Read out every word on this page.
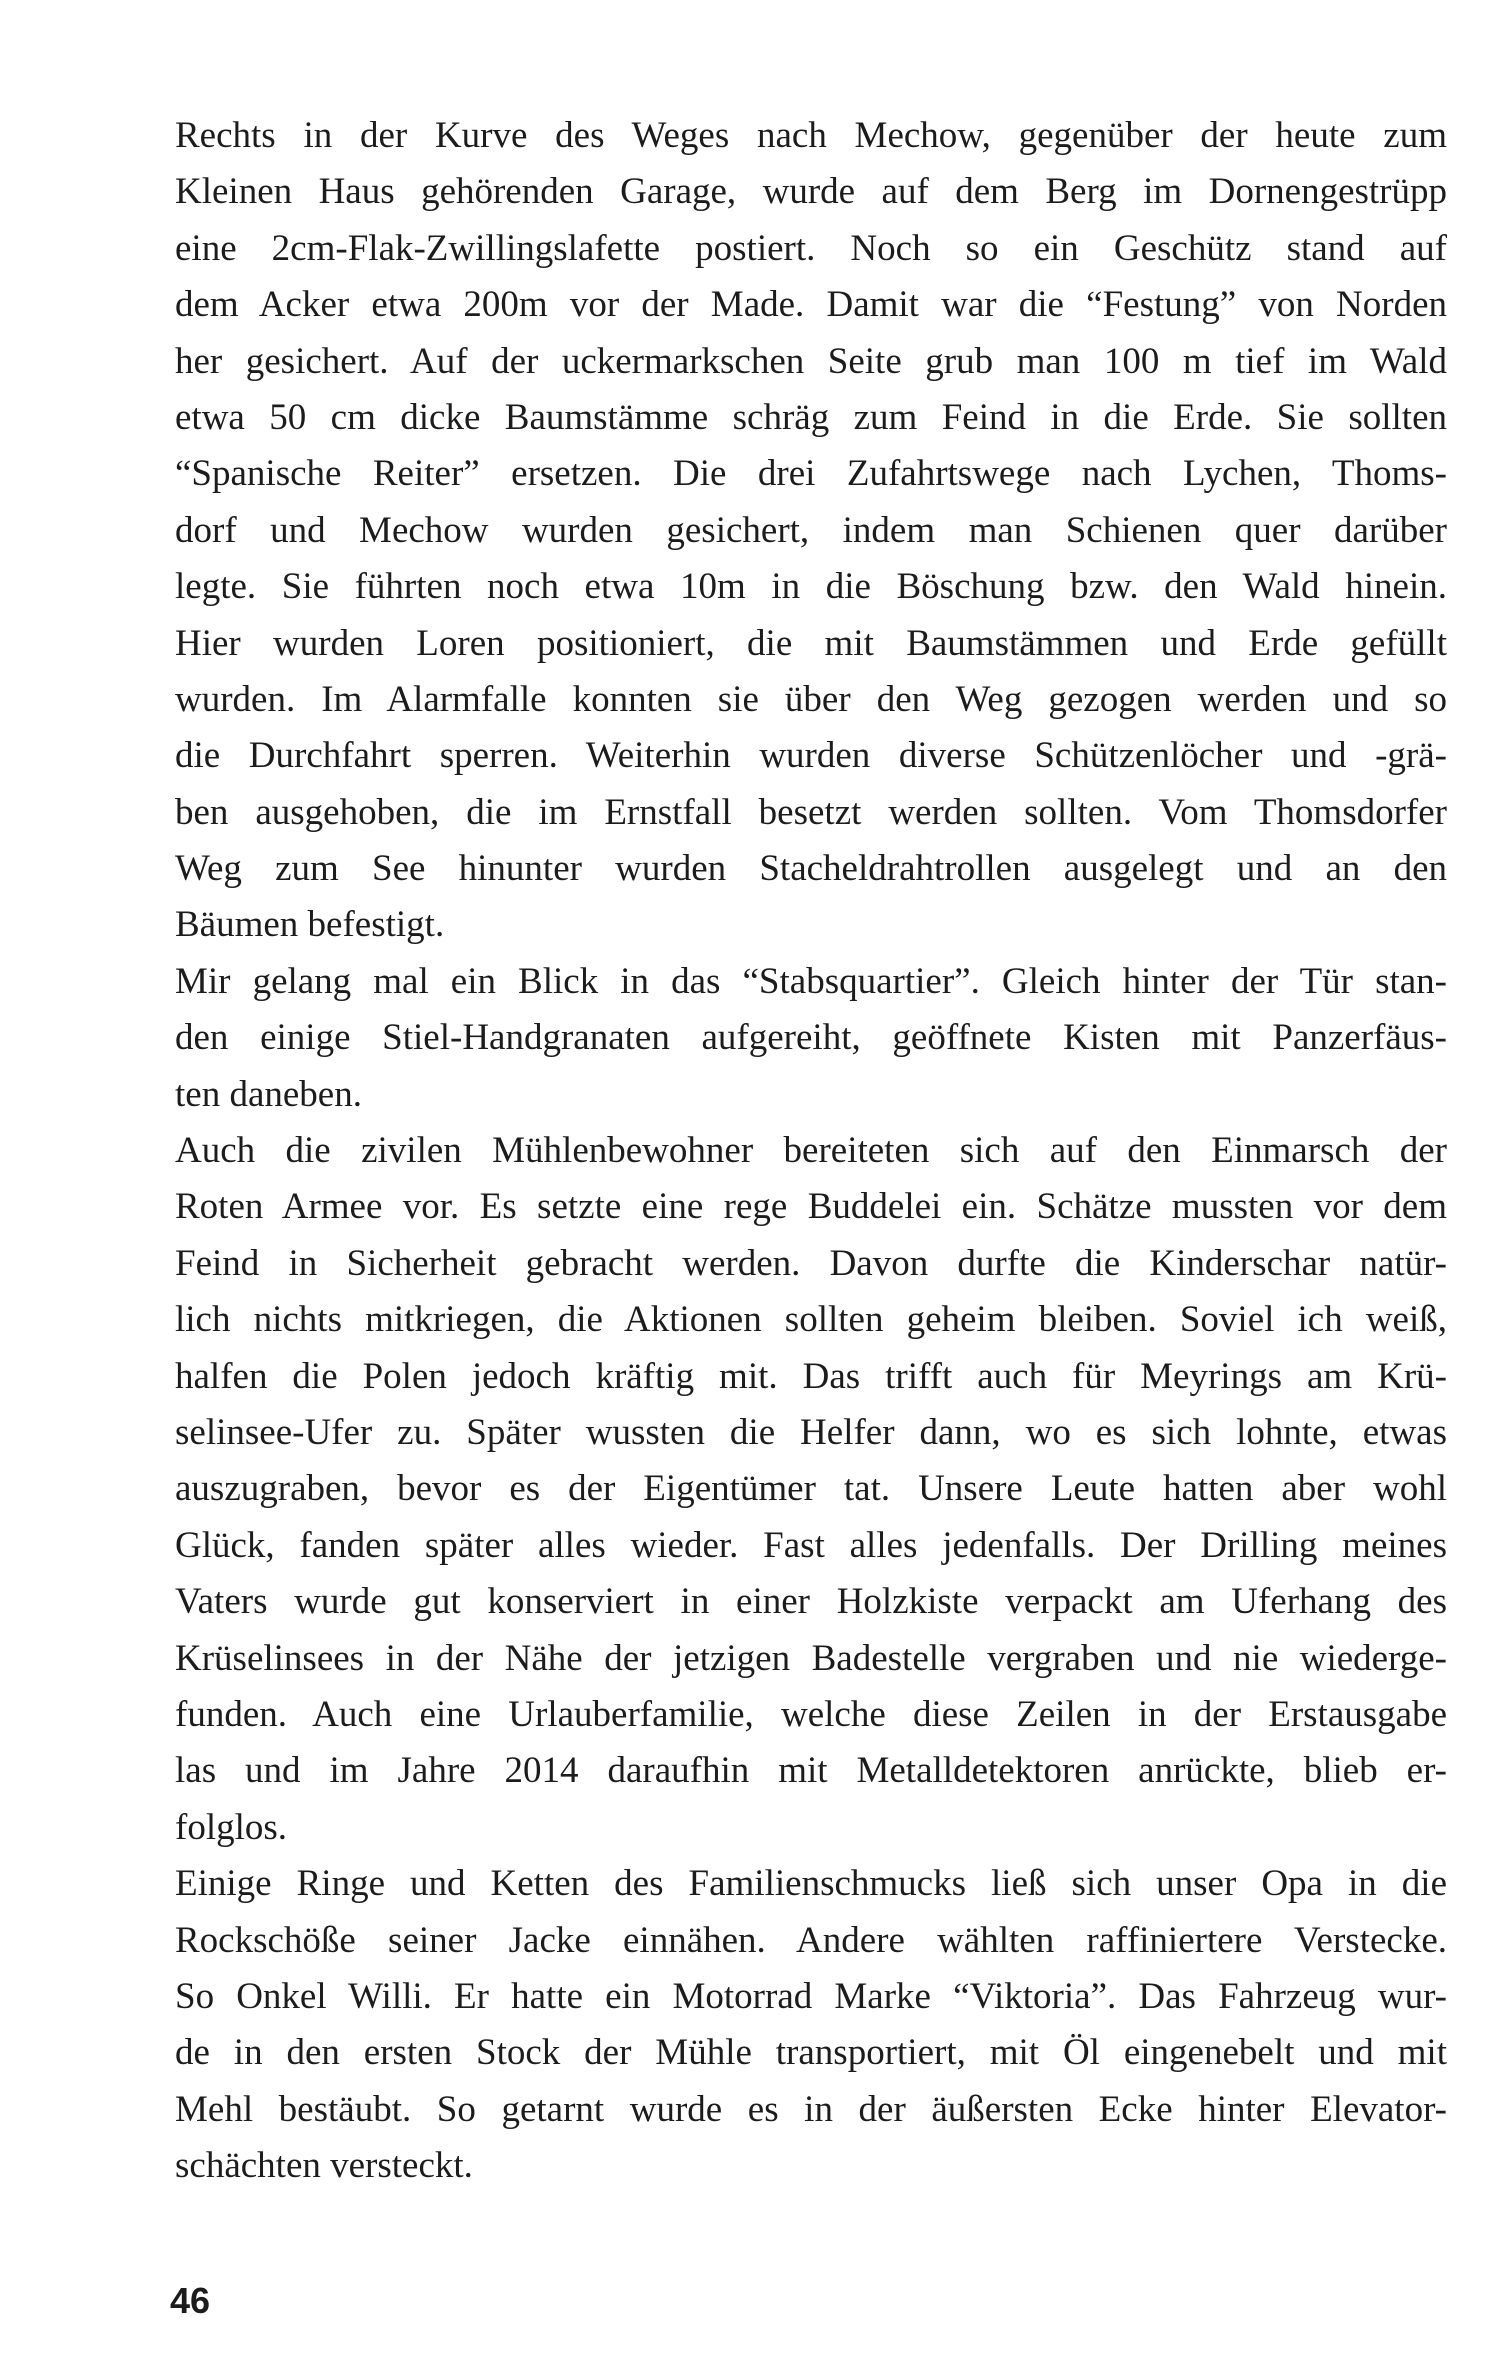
Rechts in der Kurve des Weges nach Mechow, gegenüber der heute zum
Kleinen Haus gehörenden Garage, wurde auf dem Berg im Dornengestrüpp
eine 2cm-Flak-Zwillingslafette postiert. Noch so ein Geschütz stand auf
dem Acker etwa 200m vor der Made. Damit war die “Festung” von Norden
her gesichert. Auf der uckermarkschen Seite grub man 100 m tief im Wald
etwa 50 cm dicke Baumstämme schräg zum Feind in die Erde. Sie sollten
“Spanische Reiter” ersetzen. Die drei Zufahrtswege nach Lychen, Thoms-
dorf und Mechow wurden gesichert, indem man Schienen quer darüber
legte. Sie führten noch etwa 10m in die Böschung bzw. den Wald hinein.
Hier wurden Loren positioniert, die mit Baumstämmen und Erde gefüllt
wurden. Im Alarmfalle konnten sie über den Weg gezogen werden und so
die Durchfahrt sperren. Weiterhin wurden diverse Schützenlöcher und -grä-
ben ausgehoben, die im Ernstfall besetzt werden sollten. Vom Thomsdorfer
Weg zum See hinunter wurden Stacheldrahtrollen ausgelegt und an den
Bäumen befestigt.
Mir gelang mal ein Blick in das “Stabsquartier”. Gleich hinter der Tür stan-
den einige Stiel-Handgranaten aufgereiht, geöffnete Kisten mit Panzerfäus-
ten daneben.
Auch die zivilen Mühlenbewohner bereiteten sich auf den Einmarsch der
Roten Armee vor. Es setzte eine rege Buddelei ein. Schätze mussten vor dem
Feind in Sicherheit gebracht werden. Davon durfte die Kinderschar natür-
lich nichts mitkriegen, die Aktionen sollten geheim bleiben. Soviel ich weiß,
halfen die Polen jedoch kräftig mit. Das trifft auch für Meyrings am Krü-
selinsee-Ufer zu. Später wussten die Helfer dann, wo es sich lohnte, etwas
auszugraben, bevor es der Eigentümer tat. Unsere Leute hatten aber wohl
Glück, fanden später alles wieder. Fast alles jedenfalls. Der Drilling meines
Vaters wurde gut konserviert in einer Holzkiste verpackt am Uferhang des
Krüselinsees in der Nähe der jetzigen Badestelle vergraben und nie wiederge-
funden. Auch eine Urlauberfamilie, welche diese Zeilen in der Erstausgabe
las und im Jahre 2014 daraufhin mit Metalldetektoren anrückte, blieb er-
folglos.
Einige Ringe und Ketten des Familienschmucks ließ sich unser Opa in die
Rockschöße seiner Jacke einnähen. Andere wählten raffiniertere Verstecke.
So Onkel Willi. Er hatte ein Motorrad Marke “Viktoria”. Das Fahrzeug wur-
de in den ersten Stock der Mühle transportiert, mit Öl eingenebelt und mit
Mehl bestäubt. So getarnt wurde es in der äußersten Ecke hinter Elevator-
schächten versteckt.
46
